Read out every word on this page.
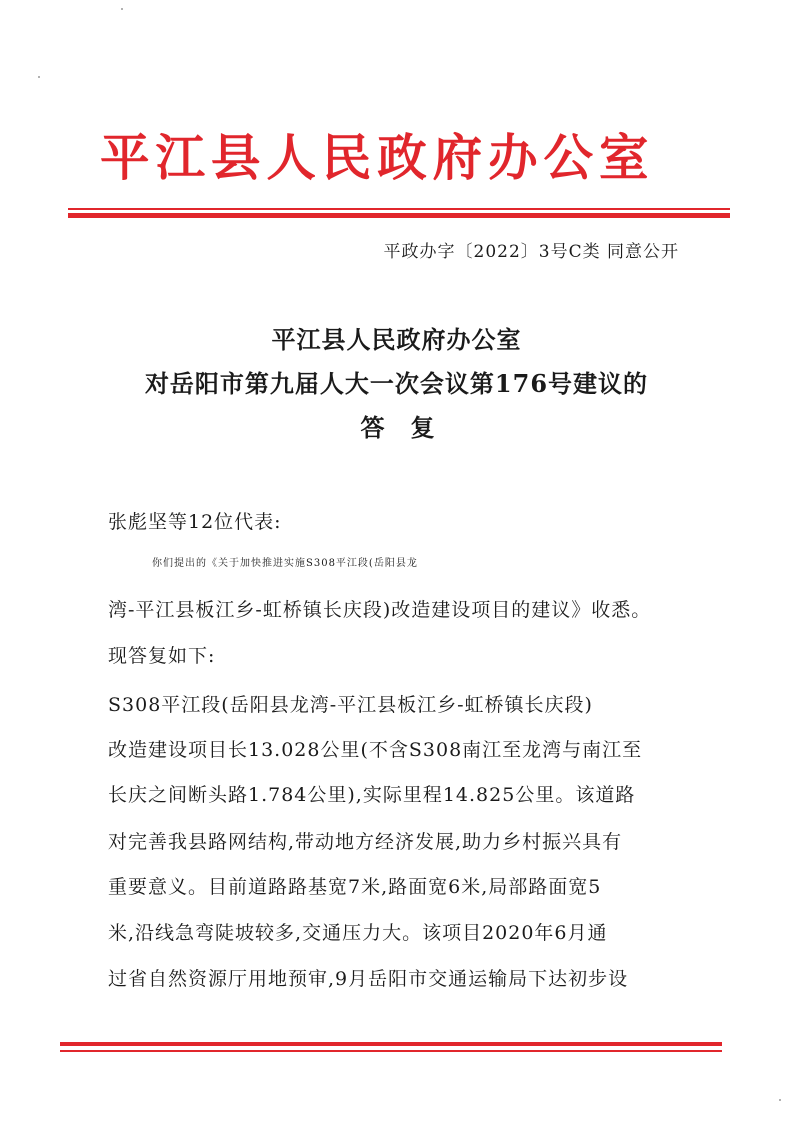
平江县人民政府办公室
平政办字〔2022〕3号C类 同意公开
平江县人民政府办公室
对岳阳市第九届人大一次会议第176号建议的
答复
张彪坚等12位代表:
你们提出的《关于加快推进实施S308平江段(岳阳县龙
湾-平江县板江乡-虹桥镇长庆段)改造建设项目的建议》收悉。
现答复如下:
S308平江段(岳阳县龙湾-平江县板江乡-虹桥镇长庆段)
改造建设项目长13.028公里(不含S308南江至龙湾与南江至
长庆之间断头路1.784公里),实际里程14.825公里。该道路
对完善我县路网结构,带动地方经济发展,助力乡村振兴具有
重要意义。目前道路路基宽7米,路面宽6米,局部路面宽5
米,沿线急弯陡坡较多,交通压力大。该项目2020年6月通
过省自然资源厅用地预审,9月岳阳市交通运输局下达初步设
